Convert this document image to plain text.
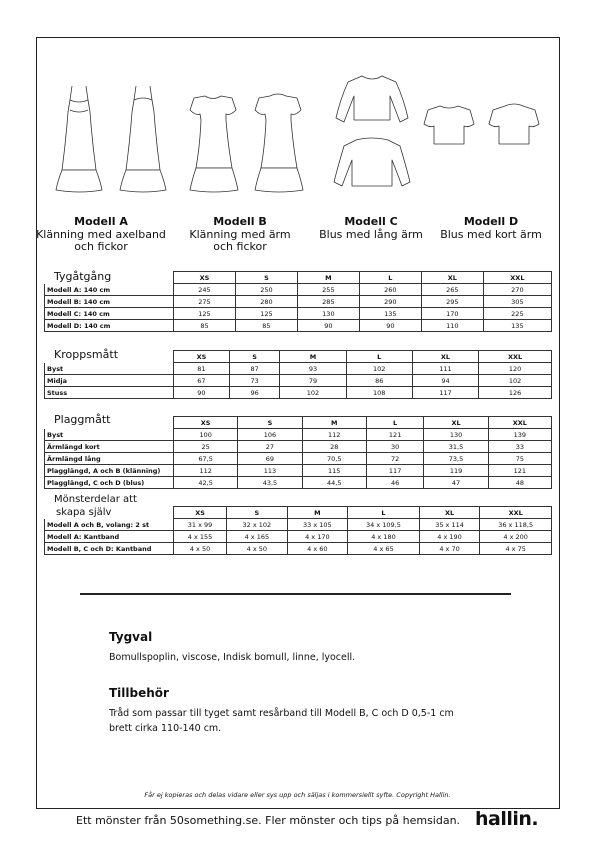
Modell A
Klänning med axelband
och fickor
Modell B
Klänning med ärm
och fickor
Modell C
Blus med lång ärm
Modell D
Blus med kort ärm
Tygåtgång
		XS	S	M	L	XL	XXL
Modell A: 140 cm	245	250	255	260	265	270
Modell B: 140 cm	275	280	285	290	295	305
Modell C: 140 cm	125	125	130	135	170	225
Modell D: 140 cm	85	85	90	90	110	135
Kroppsmått
		XS	S	M	L	XL	XXL
Byst	81	87	93	102	111	120
Midja	67	73	79	86	94	102
Stuss	90	96	102	108	117	126
Plaggmått
		XS	S	M	L	XL	XXL
Byst	100	106	112	121	130	139
Ärmlängd kort	25	27	28	30	31,5	33
Ärmlängd lång	67,5	69	70,5	72	73,5	75
Plagglängd, A och B (klänning)	112	113	115	117	119	121
Plagglängd, C och D (blus)	42,5	43,5	44,5	46	47	48
Mönsterdelar att
skapa själv
		XS	S	M	L	XL	XXL
Modell A och B, volang: 2 st	31 x 99	32 x 102	33 x 105	34 x 109,5	35 x 114	36 x 118,5
Modell A: Kantband	4 x 155	4 x 165	4 x 170	4 x 180	4 x 190	4 x 200
Modell B, C och D: Kantband	4 x 50	4 x 50	4 x 60	4 x 65	4 x 70	4 x 75
Tygval
Bomullspoplin, viscose, Indisk bomull, linne, lyocell.
Tillbehör
Tråd som passar till tyget samt resårband till Modell B, C och D 0,5-1 cm
brett cirka 110-140 cm.
Får ej kopieras och delas vidare eller sys upp och säljas i kommersiellt syfte. Copyright Hallin.
Ett mönster från 50something.se. Fler mönster och tips på hemsidan. hallin.
